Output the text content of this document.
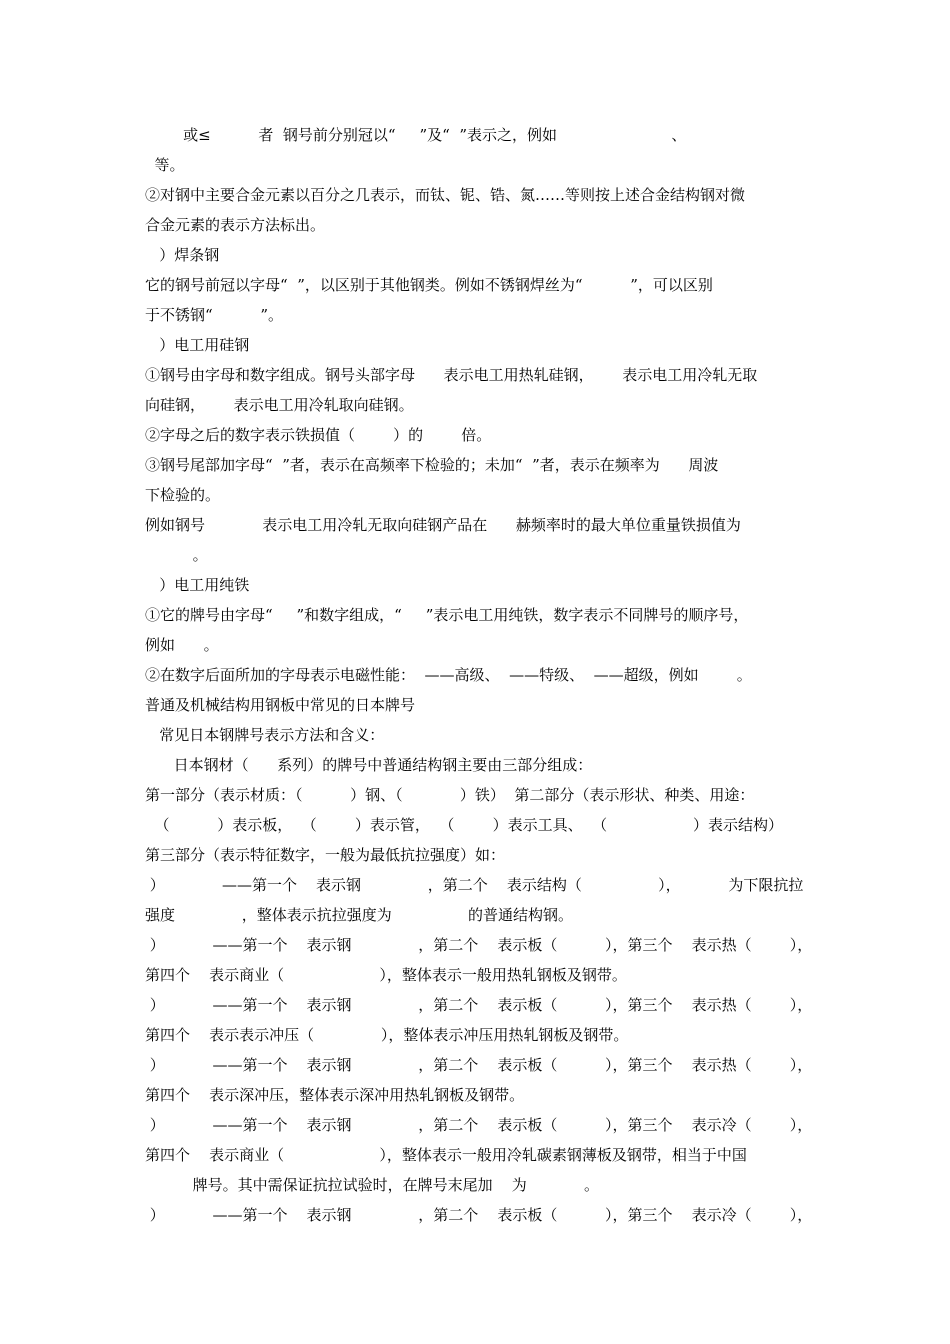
或≤          者  钢号前分别冠以“     ”及“  ”表示之，例如                        、
等。
②对钢中主要合金元素以百分之几表示，而钛、铌、锆、氮……等则按上述合金结构钢对微
合金元素的表示方法标出。
）焊条钢
它的钢号前冠以字母“  ”，以区别于其他钢类。例如不锈钢焊丝为“          ”，可以区别
于不锈钢“          ”。
）电工用硅钢
①钢号由字母和数字组成。钢号头部字母      表示电工用热轧硅钢，      表示电工用冷轧无取
向硅钢，      表示电工用冷轧取向硅钢。
②字母之后的数字表示铁损值（        ）的        倍。
③钢号尾部加字母“  ”者，表示在高频率下检验的；未加“  ”者，表示在频率为      周波
下检验的。
例如钢号            表示电工用冷轧无取向硅钢产品在      赫频率时的最大单位重量铁损值为
。
）电工用纯铁
①它的牌号由字母“     ”和数字组成，“     ”表示电工用纯铁，数字表示不同牌号的顺序号，
例如      。
②在数字后面所加的字母表示电磁性能：  ——高级、  ——特级、  ——超级，例如        。
普通及机械结构用钢板中常见的日本牌号
常见日本钢牌号表示方法和含义：
日本钢材（      系列）的牌号中普通结构钢主要由三部分组成：
第一部分（表示材质：（          ）钢、（            ）铁）  第二部分（表示形状、种类、用途：
（          ）表示板，  （        ）表示管，  （        ）表示工具、  （                  ）表示结构）
第三部分（表示特征数字，一般为最低抗拉强度）如：
）            ——第一个    表示钢              ，第二个    表示结构（                ），          为下限抗拉
强度              ，整体表示抗拉强度为                的普通结构钢。
）          ——第一个    表示钢              ，第二个    表示板（          ），第三个    表示热（        ），
第四个    表示商业（                    ），整体表示一般用热轧钢板及钢带。
）          ——第一个    表示钢              ，第二个    表示板（          ），第三个    表示热（        ），
第四个    表示表示冲压（              ），整体表示冲压用热轧钢板及钢带。
）          ——第一个    表示钢              ，第二个    表示板（          ），第三个    表示热（        ），
第四个    表示深冲压，整体表示深冲用热轧钢板及钢带。
）          ——第一个    表示钢              ，第二个    表示板（          ），第三个    表示冷（        ），
第四个    表示商业（                    ），整体表示一般用冷轧碳素钢薄板及钢带，相当于中国
牌号。其中需保证抗拉试验时，在牌号末尾加    为            。
）          ——第一个    表示钢              ，第二个    表示板（          ），第三个    表示冷（        ），
